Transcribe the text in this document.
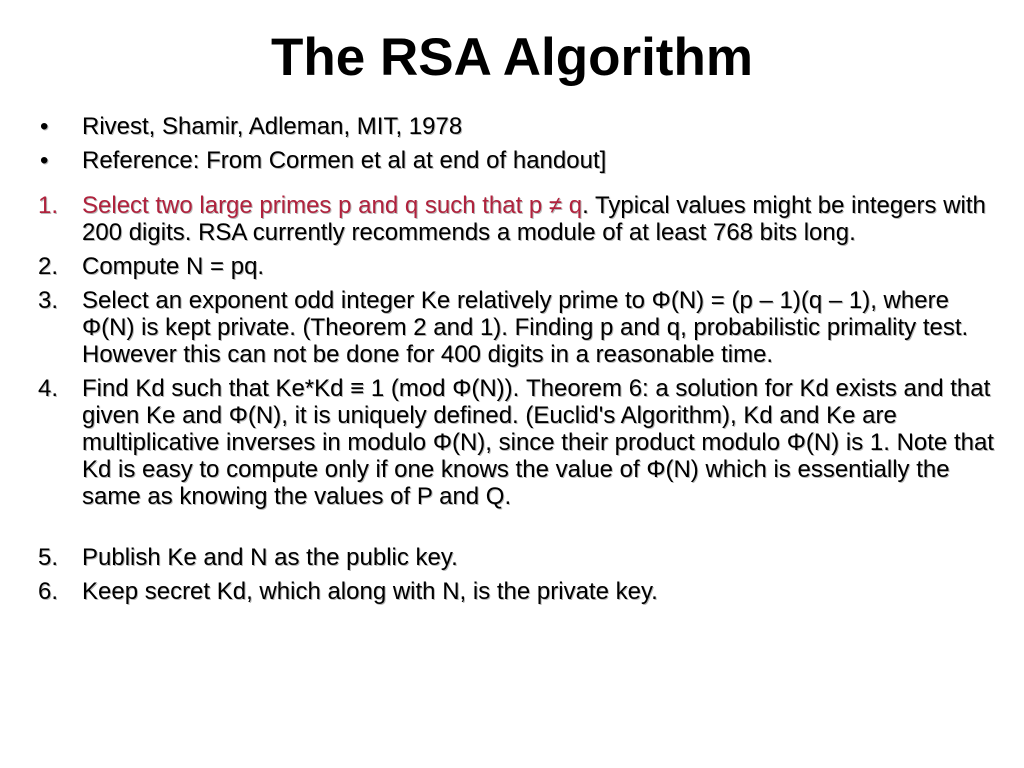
The RSA Algorithm
•	Rivest, Shamir, Adleman, MIT, 1978
•	Reference: From Cormen et al at end of handout]
1. Select two large primes p and q such that p ≠ q. Typical values might be integers with 200 digits. RSA currently recommends a module of at least 768 bits long.
2. Compute N = pq.
3. Select an exponent odd integer Ke relatively prime to Φ(N) = (p – 1)(q – 1), where Φ(N) is kept private. (Theorem 2 and 1). Finding p and q, probabilistic primality test. However this can not be done for 400 digits in a reasonable time.
4. Find Kd such that Ke*Kd ≡ 1 (mod Φ(N)). Theorem 6: a solution for Kd exists and that given Ke and Φ(N), it is uniquely defined. (Euclid's Algorithm), Kd and Ke are multiplicative inverses in modulo Φ(N), since their product modulo Φ(N) is 1. Note that Kd is easy to compute only if one knows the value of Φ(N) which is essentially the same as knowing the values of P and Q.
5. Publish Ke and N as the public key.
6. Keep secret Kd, which along with N, is the private key.
